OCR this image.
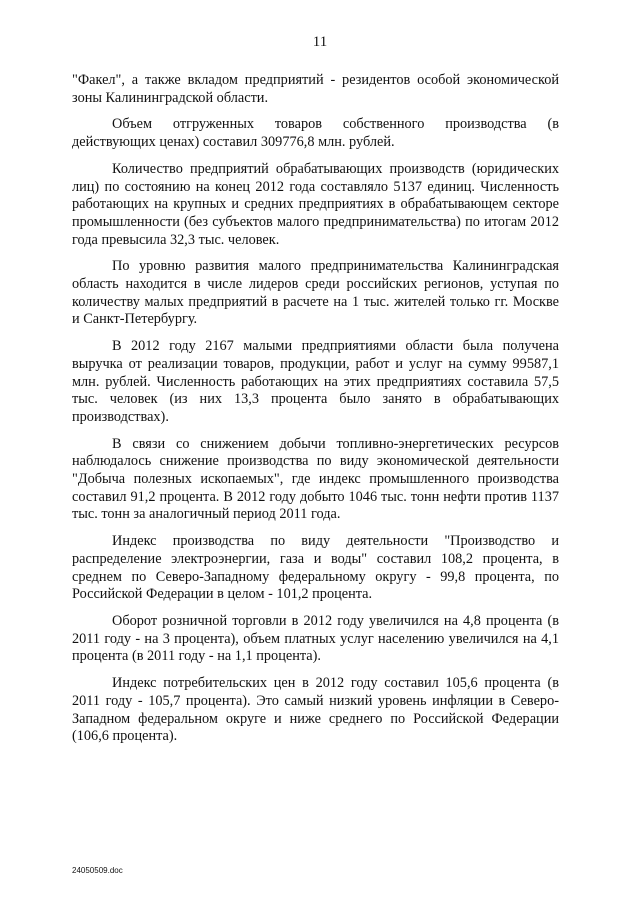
11

"Факел", а также вкладом предприятий - резидентов особой экономической зоны Калининградской области.

Объем отгруженных товаров собственного производства (в действующих ценах) составил 309776,8 млн. рублей.

Количество предприятий обрабатывающих производств (юридических лиц) по состоянию на конец 2012 года составляло 5137 единиц. Численность работающих на крупных и средних предприятиях в обрабатывающем секторе промышленности (без субъектов малого предпринимательства) по итогам 2012 года превысила 32,3 тыс. человек.

По уровню развития малого предпринимательства Калининградская область находится в числе лидеров среди российских регионов, уступая по количеству малых предприятий в расчете на 1 тыс. жителей только гг. Москве и Санкт-Петербургу.

В 2012 году 2167 малыми предприятиями области была получена выручка от реализации товаров, продукции, работ и услуг на сумму 99587,1 млн. рублей. Численность работающих на этих предприятиях составила 57,5 тыс. человек (из них 13,3 процента было занято в обрабатывающих производствах).

В связи со снижением добычи топливно-энергетических ресурсов наблюдалось снижение производства по виду экономической деятельности "Добыча полезных ископаемых", где индекс промышленного производства составил 91,2 процента. В 2012 году добыто 1046 тыс. тонн нефти против 1137 тыс. тонн за аналогичный период 2011 года.

Индекс производства по виду деятельности "Производство и распределение электроэнергии, газа и воды" составил 108,2 процента, в среднем по Северо-Западному федеральному округу - 99,8 процента, по Российской Федерации в целом - 101,2 процента.

Оборот розничной торговли в 2012 году увеличился на 4,8 процента (в 2011 году - на 3 процента), объем платных услуг населению увеличился на 4,1 процента (в 2011 году - на 1,1 процента).

Индекс потребительских цен в 2012 году составил 105,6 процента (в 2011 году - 105,7 процента). Это самый низкий уровень инфляции в Северо-Западном федеральном округе и ниже среднего по Российской Федерации (106,6 процента).

24050509.doc
